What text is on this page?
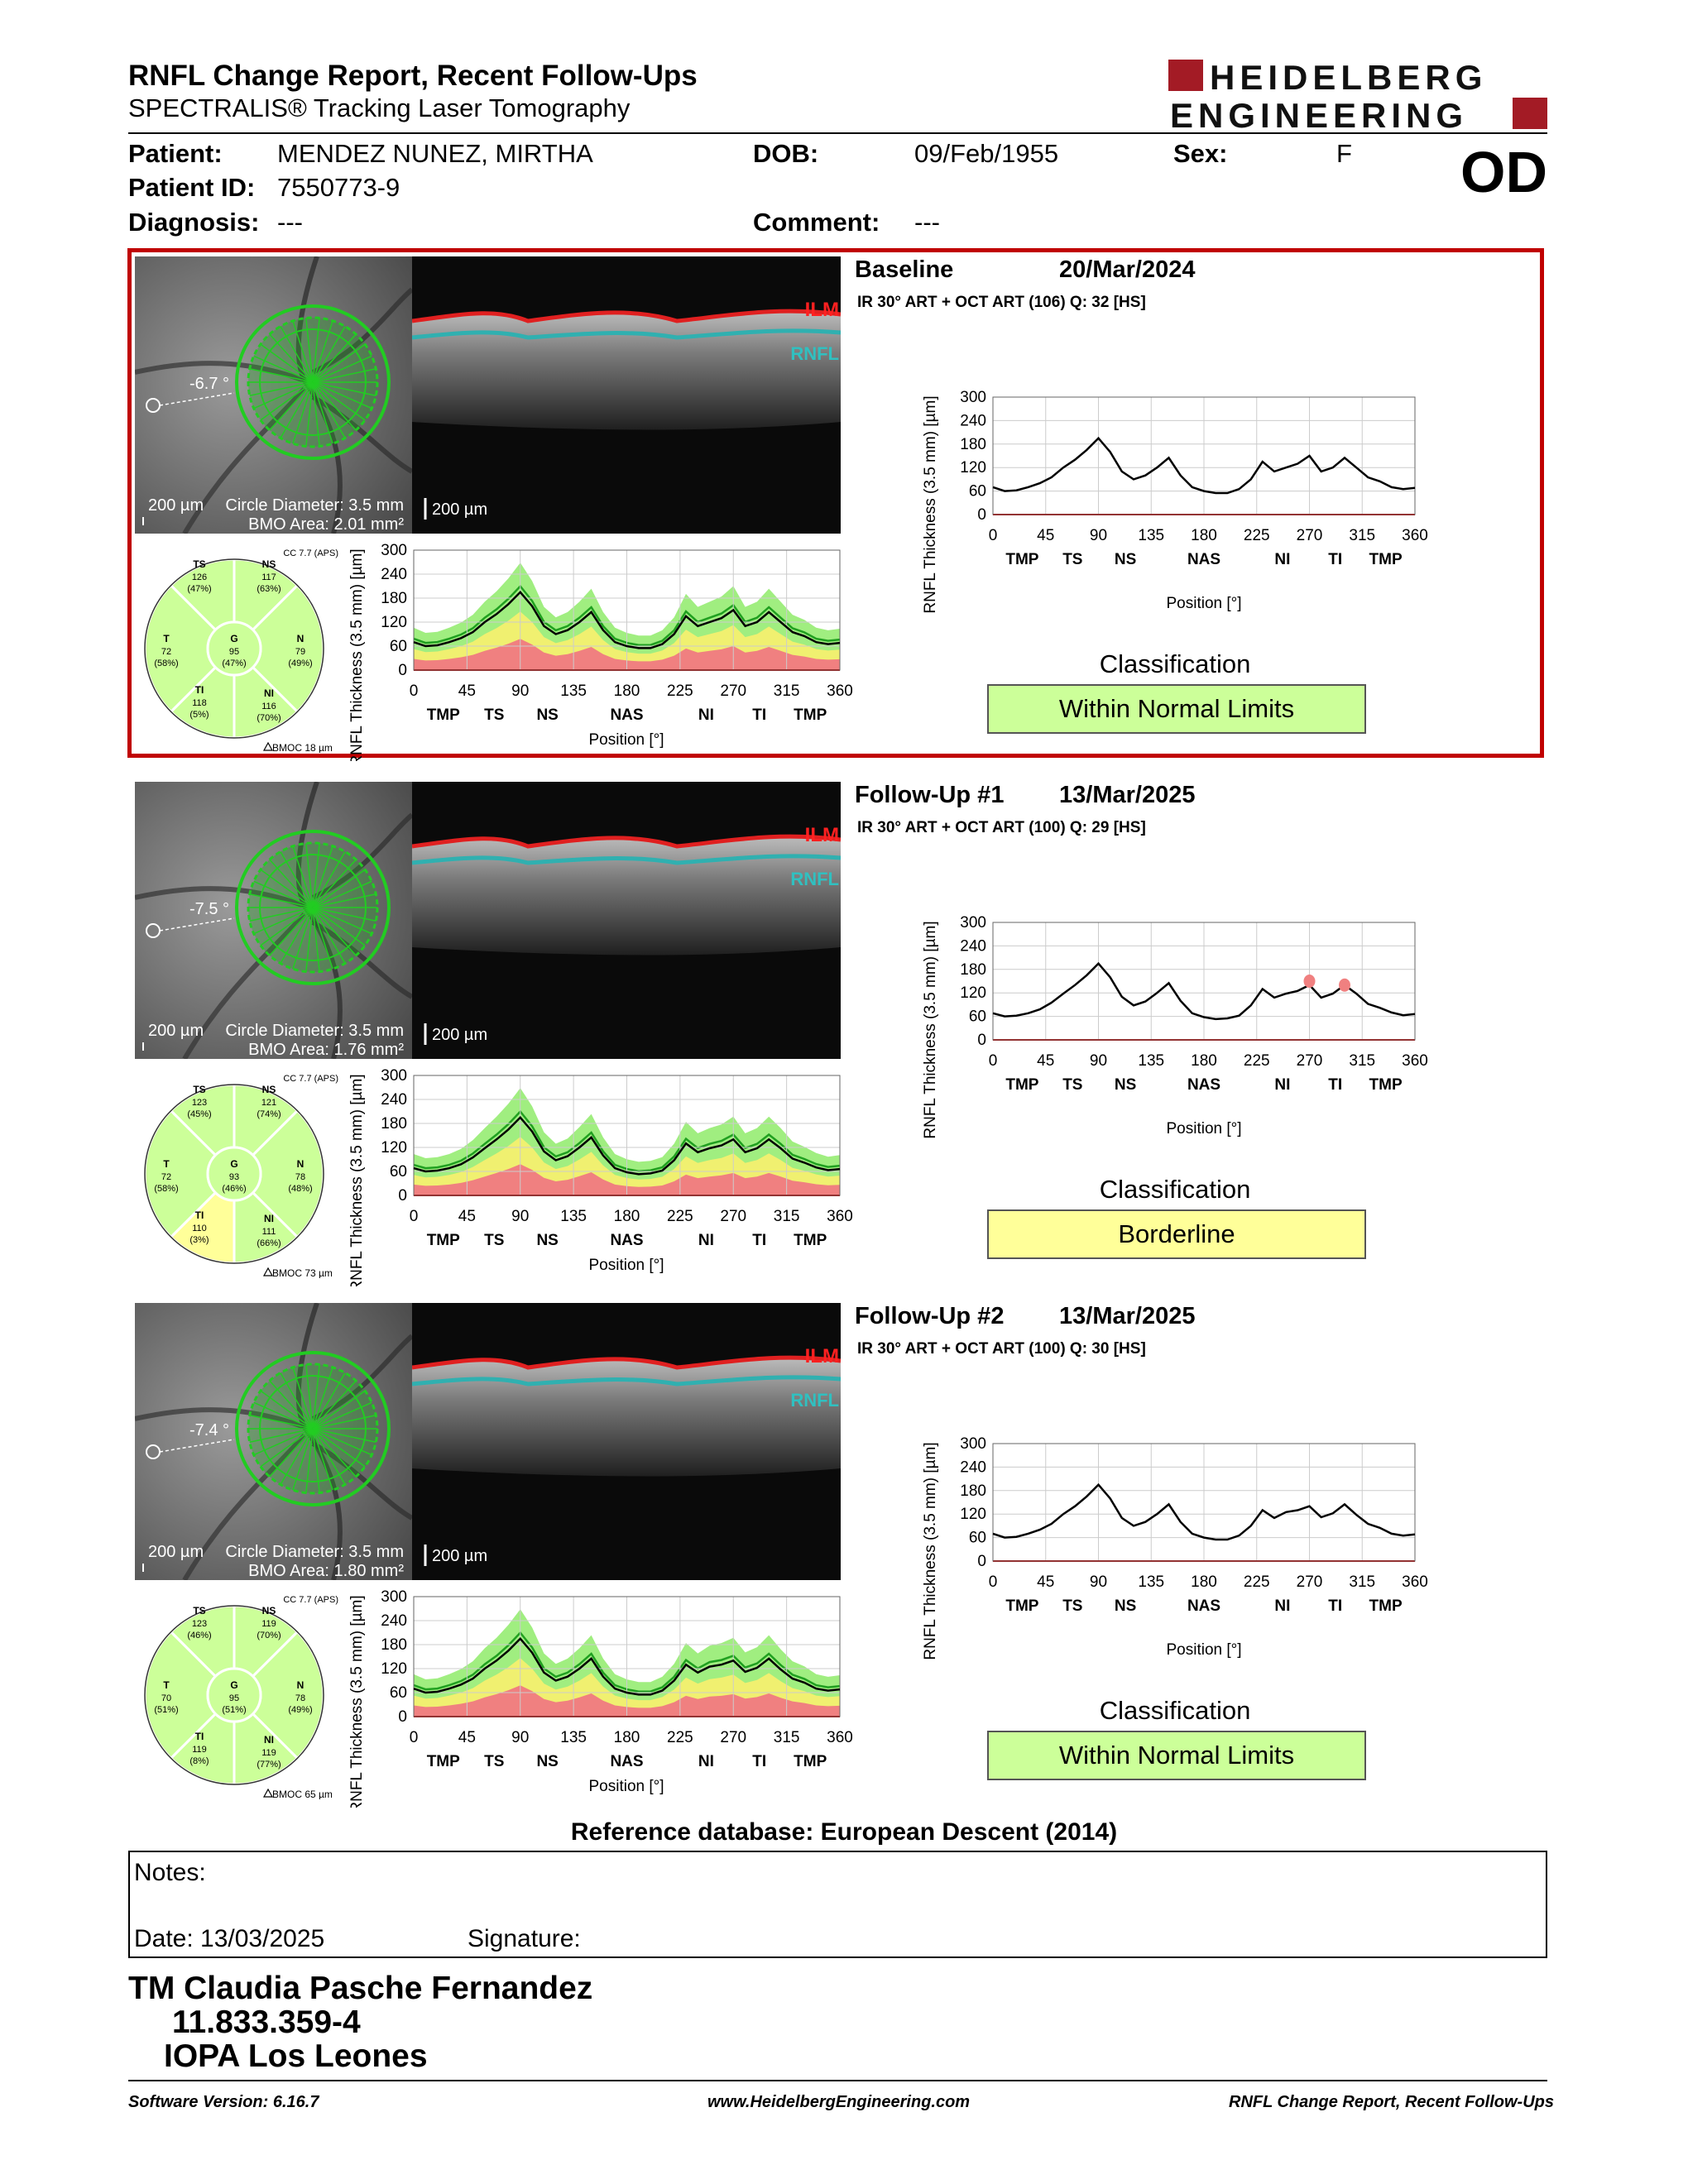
RNFL Change Report, Recent Follow-Ups
SPECTRALIS® Tracking Laser Tomography
HEIDELBERG
ENGINEERING
Patient: MENDEZ NUNEZ, MIRTHA	DOB:	09/Feb/1955	Sex:	F OD
Patient ID: 7550773-9
Diagnosis: ---	Comment: ---
-6.7 °
200 µm Circle Diameter: 3.5 mm
BMO Area: 2.01 mm²
ILM
RNFL
200 µm
CC 7.7 (APS)
TS
126
(47%)
NS
117
(63%)
T
72
(58%)
G
95
(47%)
N
79
(49%)
TI
118
(5%)
NI
116
(70%)
BMOC 18 µm
0
60
120
180
240
300
0	45 90 135 180 225 270 315 360
TMP TS NS	NAS	NI TI TMP
RNFL Thickness (3.5 mm) [µm]	Position [°]
Baseline	20/Mar/2024
IR 30° ART + OCT ART (106) Q: 32 [HS]
0
60
120
180
240
300
0	45 90 135 180 225 270 315 360
TMP TS NS	NAS	NI TI TMP
RNFL Thickness (3.5 mm) [µm]	Position [°]
Classification
Within Normal Limits
-7.5 °
200 µm Circle Diameter: 3.5 mm
BMO Area: 1.76 mm²
ILM
RNFL
200 µm
CC 7.7 (APS)
TS
123
(45%)
NS
121
(74%)
T
72
(58%)
G
93
(46%)
N
78
(48%)
TI
110
(3%)
NI
111
(66%)
BMOC 73 µm
0
60
120
180
240
300
0	45 90 135 180 225 270 315 360
TMP TS NS	NAS	NI TI TMP
RNFL Thickness (3.5 mm) [µm]	Position [°]
Follow-Up #1 13/Mar/2025
IR 30° ART + OCT ART (100) Q: 29 [HS]
0
60
120
180
240
300
0	45 90 135 180 225 270 315 360
TMP TS NS	NAS	NI TI TMP
RNFL Thickness (3.5 mm) [µm]	Position [°]
Classification
Borderline
-7.4 °
200 µm Circle Diameter: 3.5 mm
BMO Area: 1.80 mm²
ILM
RNFL
200 µm
CC 7.7 (APS)
TS
123
(46%)
NS
119
(70%)
T
70
(51%)
G
95
(51%)
N
78
(49%)
TI
119
(8%)
NI
119
(77%)
BMOC 65 µm
0
60
120
180
240
300
0	45 90 135 180 225 270 315 360
TMP TS NS	NAS	NI TI TMP
RNFL Thickness (3.5 mm) [µm]	Position [°]
Follow-Up #2 13/Mar/2025
IR 30° ART + OCT ART (100) Q: 30 [HS]
0
60
120
180
240
300
0	45 90 135 180 225 270 315 360
TMP TS NS	NAS	NI TI TMP
RNFL Thickness (3.5 mm) [µm]	Position [°]
Classification
Within Normal Limits
Reference database: European Descent (2014)
Notes:
Date: 13/03/2025	Signature:
TM Claudia Pasche Fernandez
11.833.359-4
IOPA Los Leones
Software Version: 6.16.7	www.HeidelbergEngineering.com	RNFL Change Report, Recent Follow-Ups
